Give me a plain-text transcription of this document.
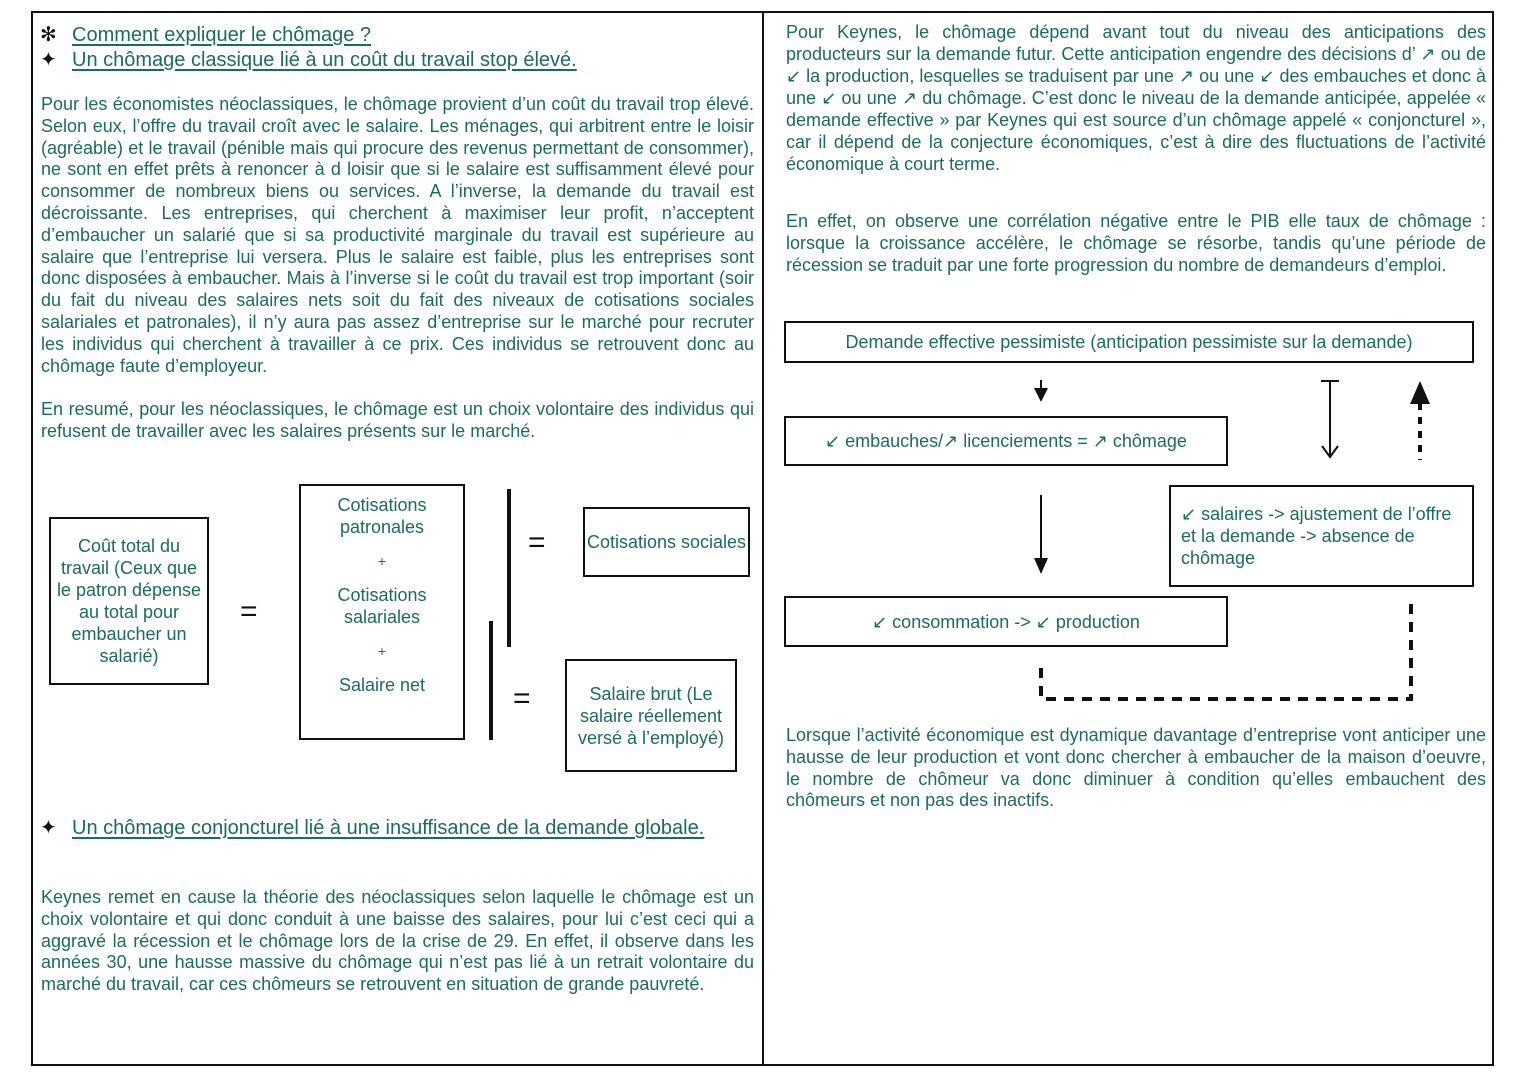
✻ Comment expliquer le chômage ?
✦ Un chômage classique lié à un coût du travail stop élevé.

Pour les économistes néoclassiques, le chômage provient d’un coût du travail trop élevé. Selon eux, l’offre du travail croît avec le salaire. Les ménages, qui arbitrent entre le loisir (agréable) et le travail (pénible mais qui procure des revenus permettant de consommer), ne sont en effet prêts à renoncer à d loisir que si le salaire est suffisamment élevé pour consommer de nombreux biens ou services. A l’inverse, la demande du travail est décroissante. Les entreprises, qui cherchent à maximiser leur profit, n’acceptent d’embaucher un salarié que si sa productivité marginale du travail est supérieure au salaire que l’entreprise lui versera. Plus le salaire est faible, plus les entreprises sont donc disposées à embaucher. Mais à l’inverse si le coût du travail est trop important (soir du fait du niveau des salaires nets soit du fait des niveaux de cotisations sociales salariales et patronales), il n’y aura pas assez d’entreprise sur le marché pour recruter les individus qui cherchent à travailler à ce prix. Ces individus se retrouvent donc au chômage faute d’employeur.

En resumé, pour les néoclassiques, le chômage est un choix volontaire des individus qui refusent de travailler avec les salaires présents sur le marché.

Coût total du travail (Ceux que le patron dépense au total pour embaucher un salarié)
=
Cotisations patronales
+
Cotisations salariales
+
Salaire net
= Cotisations sociales
=	Salaire brut (Le salaire réellement versé à l’employé)
✦ Un chômage conjoncturel lié à une insuffisance de la demande globale.

Keynes remet en cause la théorie des néoclassiques selon laquelle le chômage est un choix volontaire et qui donc conduit à une baisse des salaires, pour lui c’est ceci qui a aggravé la récession et le chômage lors de la crise de 29. En effet, il observe dans les années 30, une hausse massive du chômage qui n’est pas lié à un retrait volontaire du marché du travail, car ces chômeurs se retrouvent en situation de grande pauvreté.

Pour Keynes, le chômage dépend avant tout du niveau des anticipations des producteurs sur la demande futur. Cette anticipation engendre des décisions d’ ↗ ou de ↙ la production, lesquelles se traduisent par une ↗ ou une ↙ des embauches et donc à une ↙ ou une ↗ du chômage. C’est donc le niveau de la demande anticipée, appelée « demande effective » par Keynes qui est source d’un chômage appelé « conjoncturel », car il dépend de la conjecture économiques, c’est à dire des fluctuations de l’activité économique à court terme.

En effet, on observe une corrélation négative entre le PIB elle taux de chômage : lorsque la croissance accélère, le chômage se résorbe, tandis qu’une période de récession se traduit par une forte progression du nombre de demandeurs d’emploi.

Demande effective pessimiste (anticipation pessimiste sur la demande)
↙ embauches/↗ licenciements = ↗ chômage
↙ salaires -> ajustement de l’offre et la demande -> absence de chômage
↙ consommation -> ↙ production

Lorsque l’activité économique est dynamique davantage d’entreprise vont anticiper une hausse de leur production et vont donc chercher à embaucher de la maison d’oeuvre, le nombre de chômeur va donc diminuer à condition qu’elles embauchent des chômeurs et non pas des inactifs.
